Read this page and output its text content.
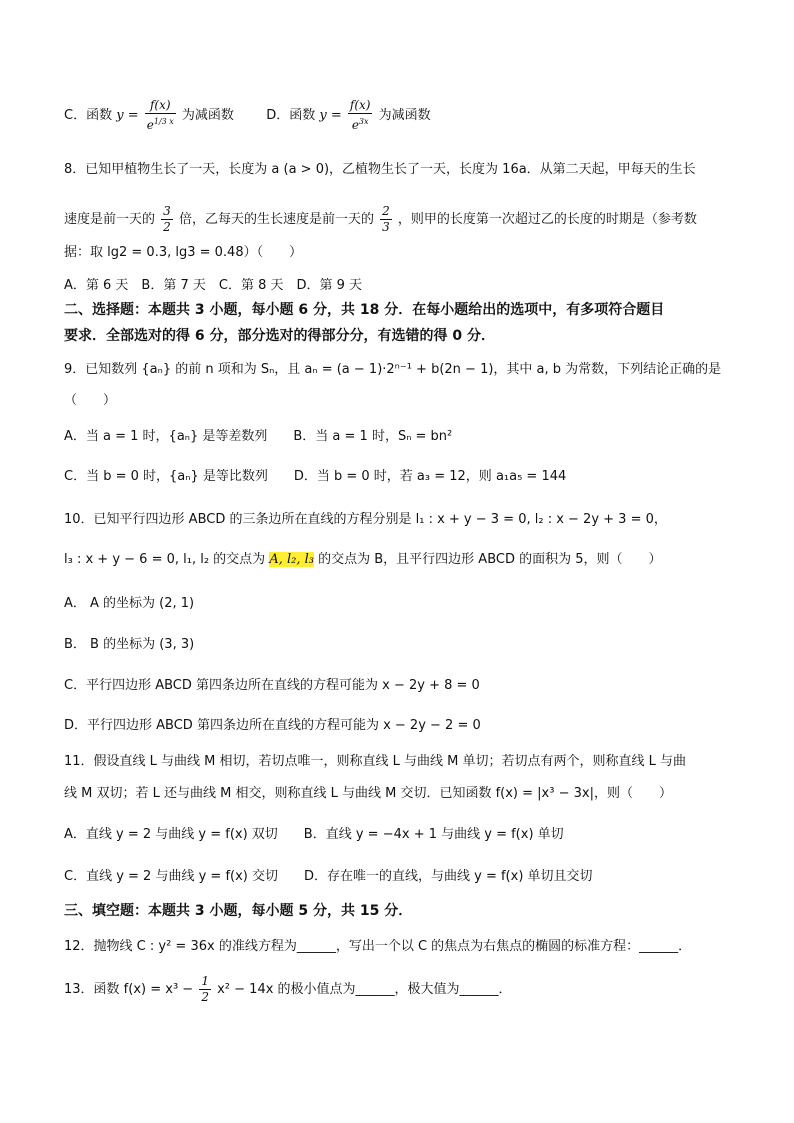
C．函数 $y = \frac{f(x)}{e^{1/3 x}}$ 为减函数 D．函数 $y = \frac{f(x)}{e^{3x}}$ 为减函数
8．已知甲植物生长了一天，长度为 a (a > 0)，乙植物生长了一天，长度为 16a．从第二天起，甲每天的生长
速度是前一天的 $\frac{3}{2}$ 倍，乙每天的生长速度是前一天的 $\frac{2}{3}$ ，则甲的长度第一次超过乙的长度的时期是（参考数
据：取 lg2 = 0.3, lg3 = 0.48）（　　）
A．第 6 天　B．第 7 天　C．第 8 天　D．第 9 天
二、选择题：本题共 3 小题，每小题 6 分，共 18 分．在每小题给出的选项中，有多项符合题目
要求．全部选对的得 6 分，部分选对的得部分分，有选错的得 0 分．
9．已知数列 {aₙ} 的前 n 项和为 Sₙ，且 aₙ = (a − 1)·2ⁿ⁻¹ + b(2n − 1)，其中 a, b 为常数，下列结论正确的是
（　　）
A．当 a = 1 时，{aₙ} 是等差数列　　B．当 a = 1 时，Sₙ = bn²
C．当 b = 0 时，{aₙ} 是等比数列　　D．当 b = 0 时，若 a₃ = 12，则 a₁a₅ = 144
10．已知平行四边形 ABCD 的三条边所在直线的方程分别是 l₁ : x + y − 3 = 0, l₂ : x − 2y + 3 = 0，
l₃ : x + y − 6 = 0, l₁, l₂ 的交点为 A, l₂, l₃ 的交点为 B，且平行四边形 ABCD 的面积为 5，则（　　）
A． A 的坐标为 (2, 1)
B． B 的坐标为 (3, 3)
C．平行四边形 ABCD 第四条边所在直线的方程可能为 x − 2y + 8 = 0
D．平行四边形 ABCD 第四条边所在直线的方程可能为 x − 2y − 2 = 0
11．假设直线 L 与曲线 M 相切，若切点唯一，则称直线 L 与曲线 M 单切；若切点有两个，则称直线 L 与曲
线 M 双切；若 L 还与曲线 M 相交，则称直线 L 与曲线 M 交切．已知函数 f(x) = |x³ − 3x|，则（　　）
A．直线 y = 2 与曲线 y = f(x) 双切　　B．直线 y = −4x + 1 与曲线 y = f(x) 单切
C．直线 y = 2 与曲线 y = f(x) 交切　　D．存在唯一的直线，与曲线 y = f(x) 单切且交切
三、填空题：本题共 3 小题，每小题 5 分，共 15 分．
12．抛物线 C : y² = 36x 的准线方程为______，写出一个以 C 的焦点为右焦点的椭圆的标准方程：______．
13．函数 $f(x) = x^3 - \frac{1}{2} x^2 - 14x$ 的极小值点为______，极大值为______．
